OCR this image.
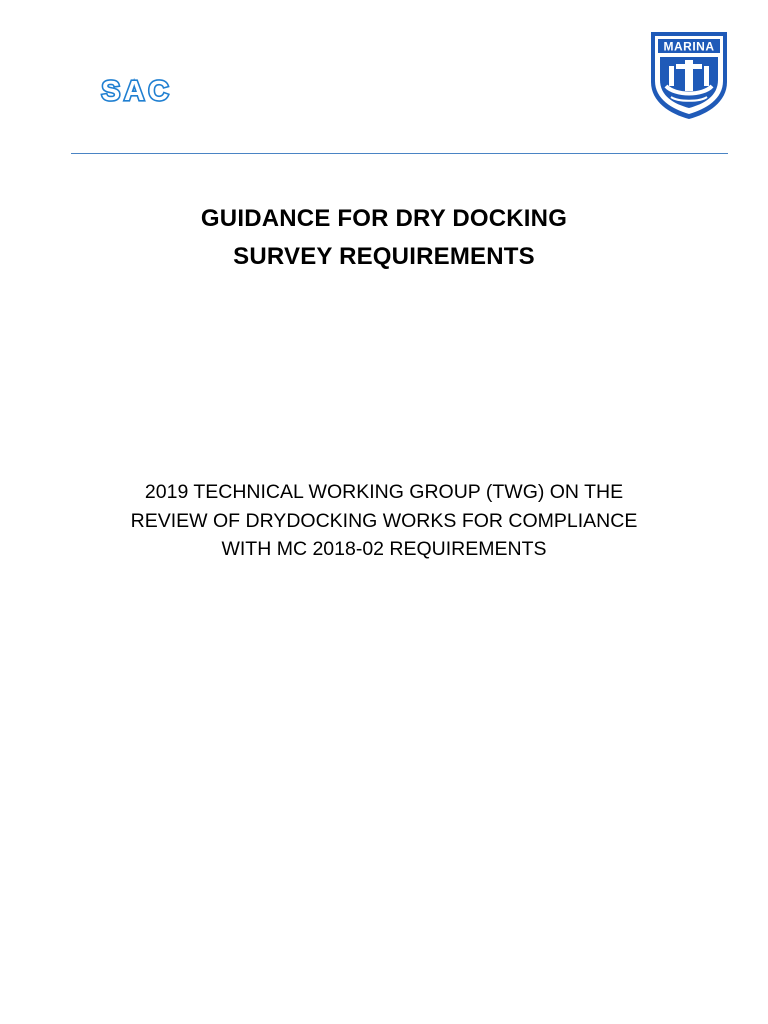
SAC
MARINA
GUIDANCE FOR DRY DOCKING
SURVEY REQUIREMENTS
2019 TECHNICAL WORKING GROUP (TWG) ON THE
REVIEW OF DRYDOCKING WORKS FOR COMPLIANCE
WITH MC 2018-02 REQUIREMENTS
